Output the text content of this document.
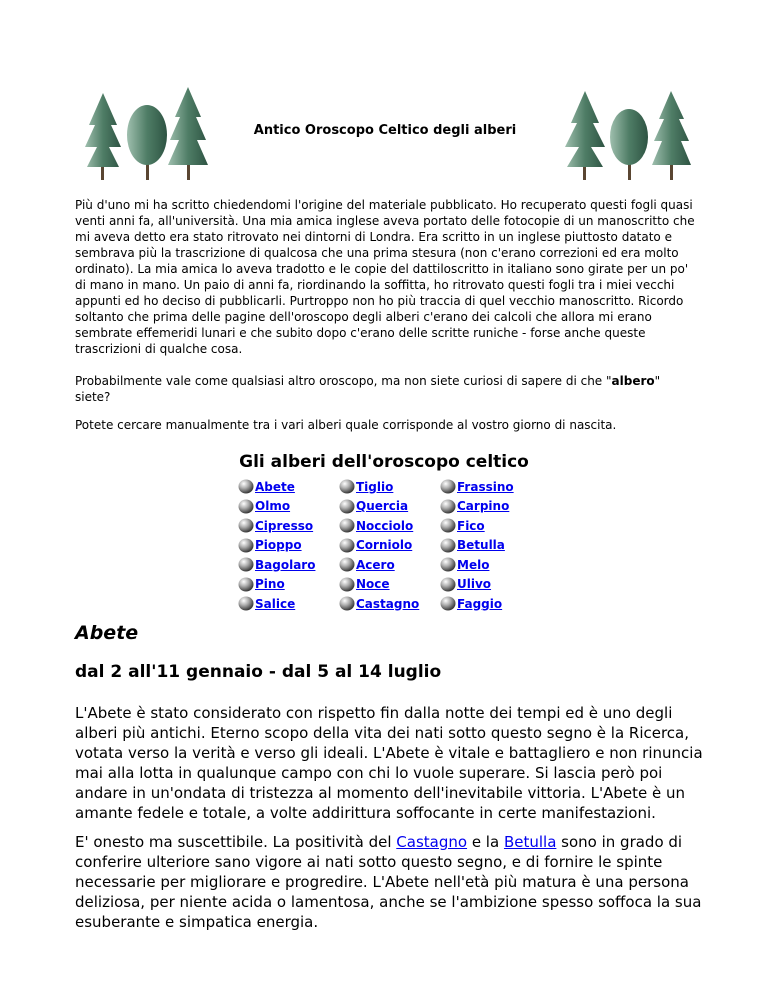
Antico Oroscopo Celtico degli alberi

Più d'uno mi ha scritto chiedendomi l'origine del materiale pubblicato. Ho recuperato questi fogli quasi venti anni fa, all'università. Una mia amica inglese aveva portato delle fotocopie di un manoscritto che mi aveva detto era stato ritrovato nei dintorni di Londra. Era scritto in un inglese piuttosto datato e sembrava più la trascrizione di qualcosa che una prima stesura (non c'erano correzioni ed era molto ordinato). La mia amica lo aveva tradotto e le copie del dattiloscritto in italiano sono girate per un po' di mano in mano. Un paio di anni fa, riordinando la soffitta, ho ritrovato questi fogli tra i miei vecchi appunti ed ho deciso di pubblicarli. Purtroppo non ho più traccia di quel vecchio manoscritto. Ricordo soltanto che prima delle pagine dell'oroscopo degli alberi c'erano dei calcoli che allora mi erano sembrate effemeridi lunari e che subito dopo c'erano delle scritte runiche - forse anche queste trascrizioni di qualche cosa.

Probabilmente vale come qualsiasi altro oroscopo, ma non siete curiosi di sapere di che "albero" siete?

Potete cercare manualmente tra i vari alberi quale corrisponde al vostro giorno di nascita.

Gli alberi dell'oroscopo celtico
Abete
Olmo
Cipresso
Pioppo
Bagolaro
Pino
Salice
Tiglio
Quercia
Nocciolo
Corniolo
Acero
Noce
Castagno
Frassino
Carpino
Fico
Betulla
Melo
Ulivo
Faggio
Abete
dal 2 all'11 gennaio - dal 5 al 14 luglio

L'Abete è stato considerato con rispetto fin dalla notte dei tempi ed è uno degli alberi più antichi. Eterno scopo della vita dei nati sotto questo segno è la Ricerca, votata verso la verità e verso gli ideali. L'Abete è vitale e battagliero e non rinuncia mai alla lotta in qualunque campo con chi lo vuole superare. Si lascia però poi andare in un'ondata di tristezza al momento dell'inevitabile vittoria. L'Abete è un amante fedele e totale, a volte addirittura soffocante in certe manifestazioni.

E' onesto ma suscettibile. La positività del Castagno e la Betulla sono in grado di conferire ulteriore sano vigore ai nati sotto questo segno, e di fornire le spinte necessarie per migliorare e progredire. L'Abete nell'età più matura è una persona deliziosa, per niente acida o lamentosa, anche se l'ambizione spesso soffoca la sua esuberante e simpatica energia.
